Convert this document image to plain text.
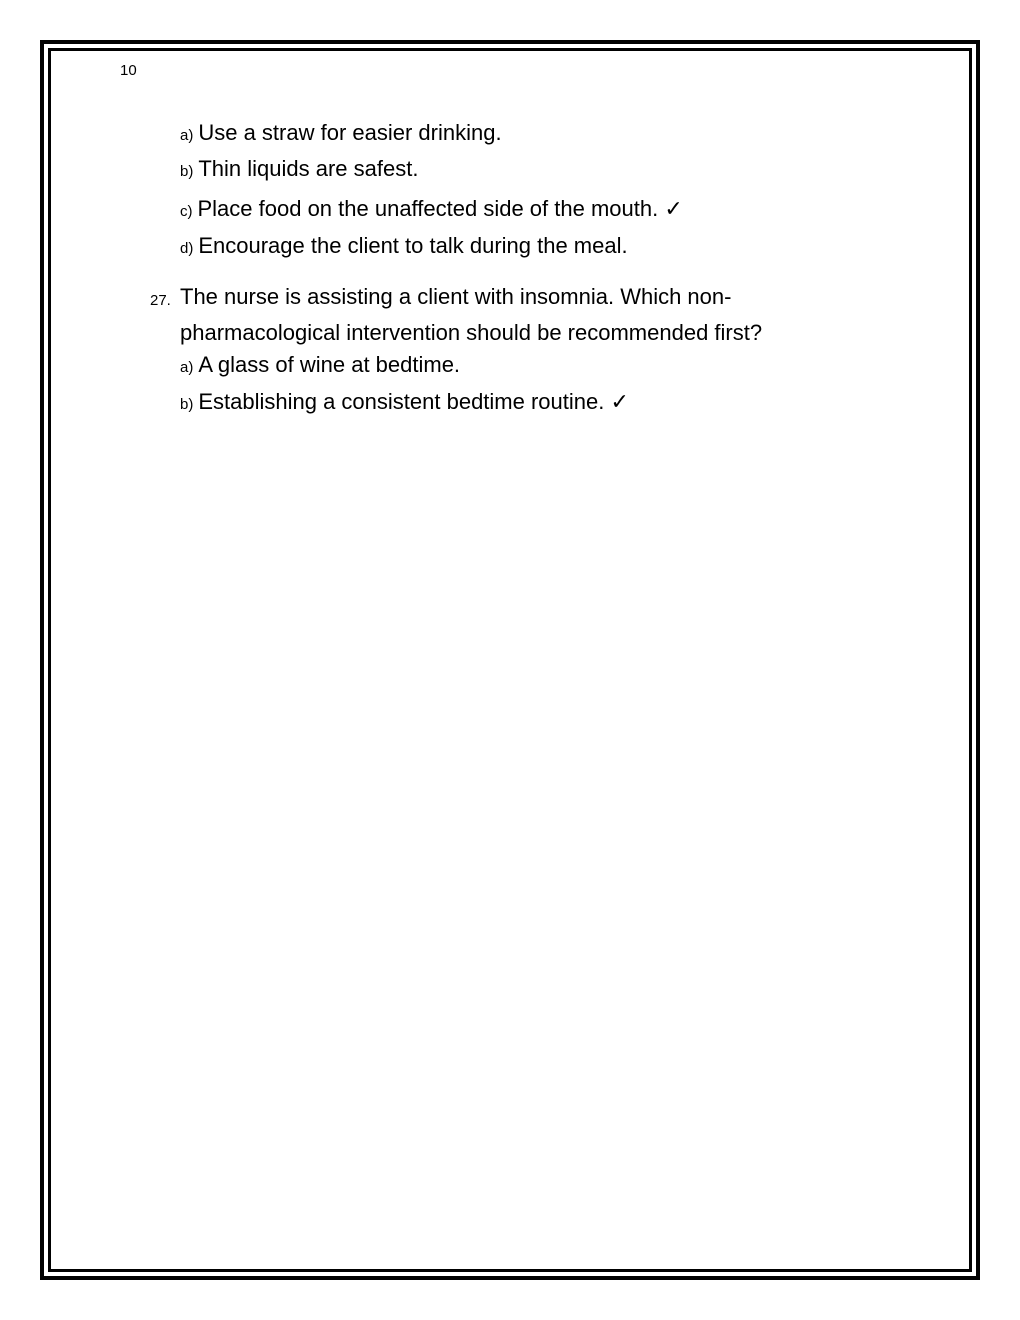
10
a) Use a straw for easier drinking.
b) Thin liquids are safest.
c) Place food on the unaffected side of the mouth. ✓
d) Encourage the client to talk during the meal.
27. The nurse is assisting a client with insomnia. Which non-
pharmacological intervention should be recommended first?
a) A glass of wine at bedtime.
b) Establishing a consistent bedtime routine. ✓
